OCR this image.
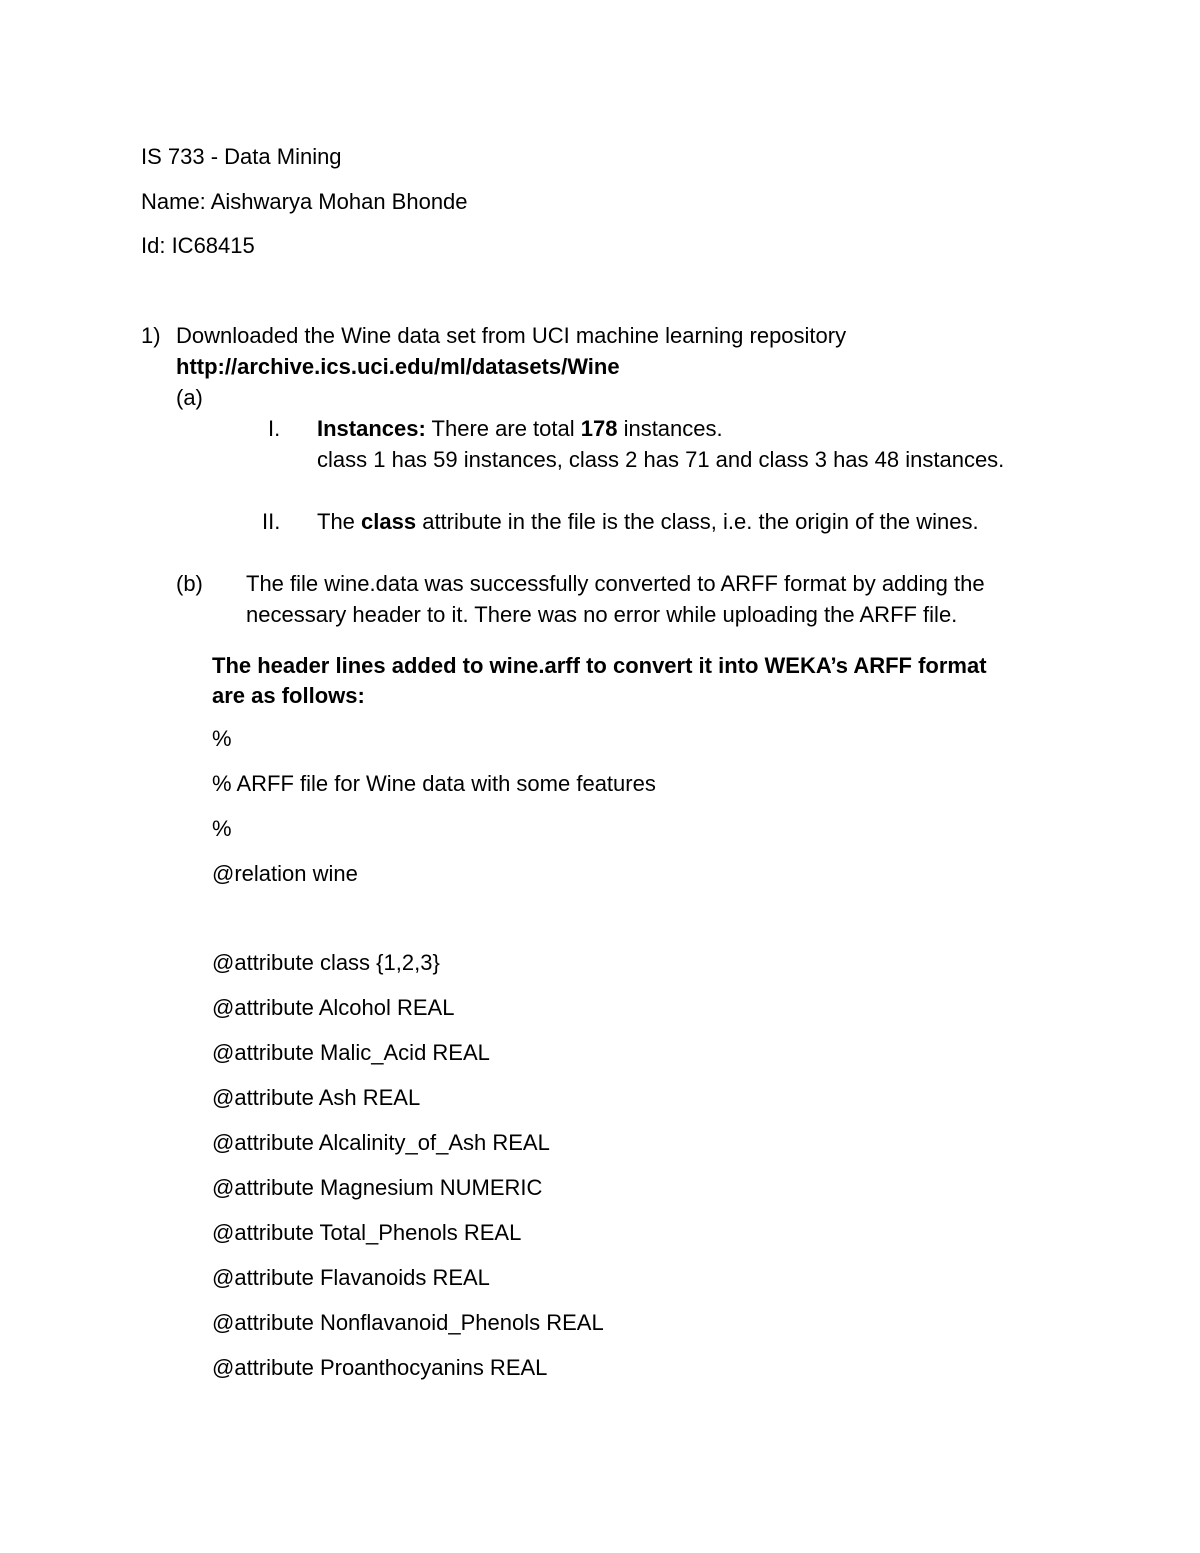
IS 733 - Data Mining
Name: Aishwarya Mohan Bhonde
Id: IC68415
1) Downloaded the Wine data set from UCI machine learning repository
http://archive.ics.uci.edu/ml/datasets/Wine
(a)
I. Instances: There are total 178 instances.
class 1 has 59 instances, class 2 has 71 and class 3 has 48 instances.
II. The class attribute in the file is the class, i.e. the origin of the wines.
(b) The file wine.data was successfully converted to ARFF format by adding the
necessary header to it. There was no error while uploading the ARFF file.
The header lines added to wine.arff to convert it into WEKA’s ARFF format
are as follows:
%
% ARFF file for Wine data with some features
%
@relation wine
@attribute class {1,2,3}
@attribute Alcohol REAL
@attribute Malic_Acid REAL
@attribute Ash REAL
@attribute Alcalinity_of_Ash REAL
@attribute Magnesium NUMERIC
@attribute Total_Phenols REAL
@attribute Flavanoids REAL
@attribute Nonflavanoid_Phenols REAL
@attribute Proanthocyanins REAL
